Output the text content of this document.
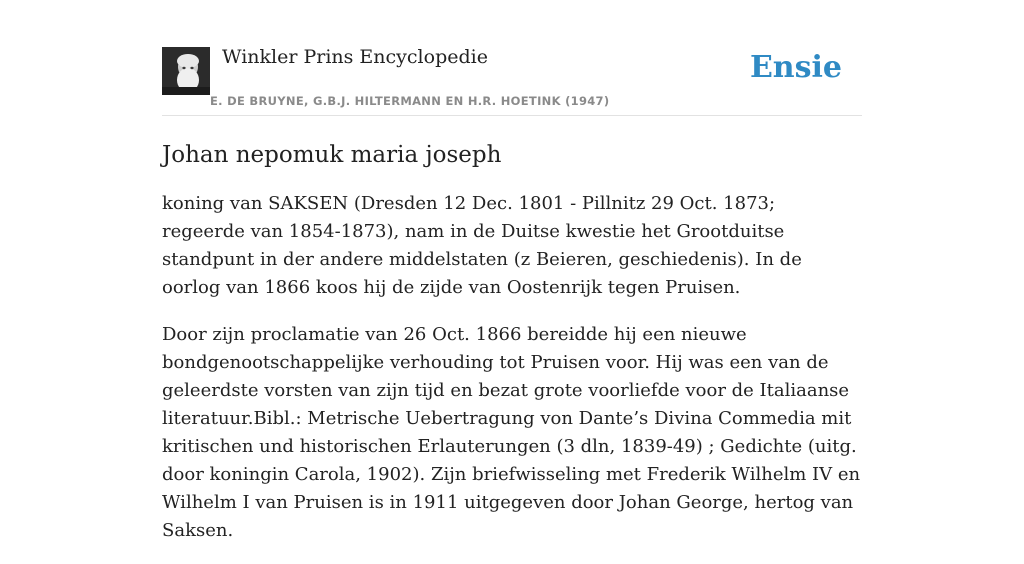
Winkler Prins Encyclopedie
E. DE BRUYNE, G.B.J. HILTERMANN EN H.R. HOETINK (1947)
Ensie
Johan nepomuk maria joseph

koning van SAKSEN (Dresden 12 Dec. 1801 - Pillnitz 29 Oct. 1873; regeerde van 1854-1873), nam in de Duitse kwestie het Grootduitse standpunt in der andere middelstaten (z Beieren, geschiedenis). In de oorlog van 1866 koos hij de zijde van Oostenrijk tegen Pruisen.

Door zijn proclamatie van 26 Oct. 1866 bereidde hij een nieuwe bondgenootschappelijke verhouding tot Pruisen voor. Hij was een van de geleerdste vorsten van zijn tijd en bezat grote voorliefde voor de Italiaanse literatuur.Bibl.: Metrische Uebertragung von Dante’s Divina Commedia mit kritischen und historischen Erlauterungen (3 dln, 1839-49) ; Gedichte (uitg. door koningin Carola, 1902). Zijn briefwisseling met Frederik Wilhelm IV en Wilhelm I van Pruisen is in 1911 uitgegeven door Johan George, hertog van Saksen.
